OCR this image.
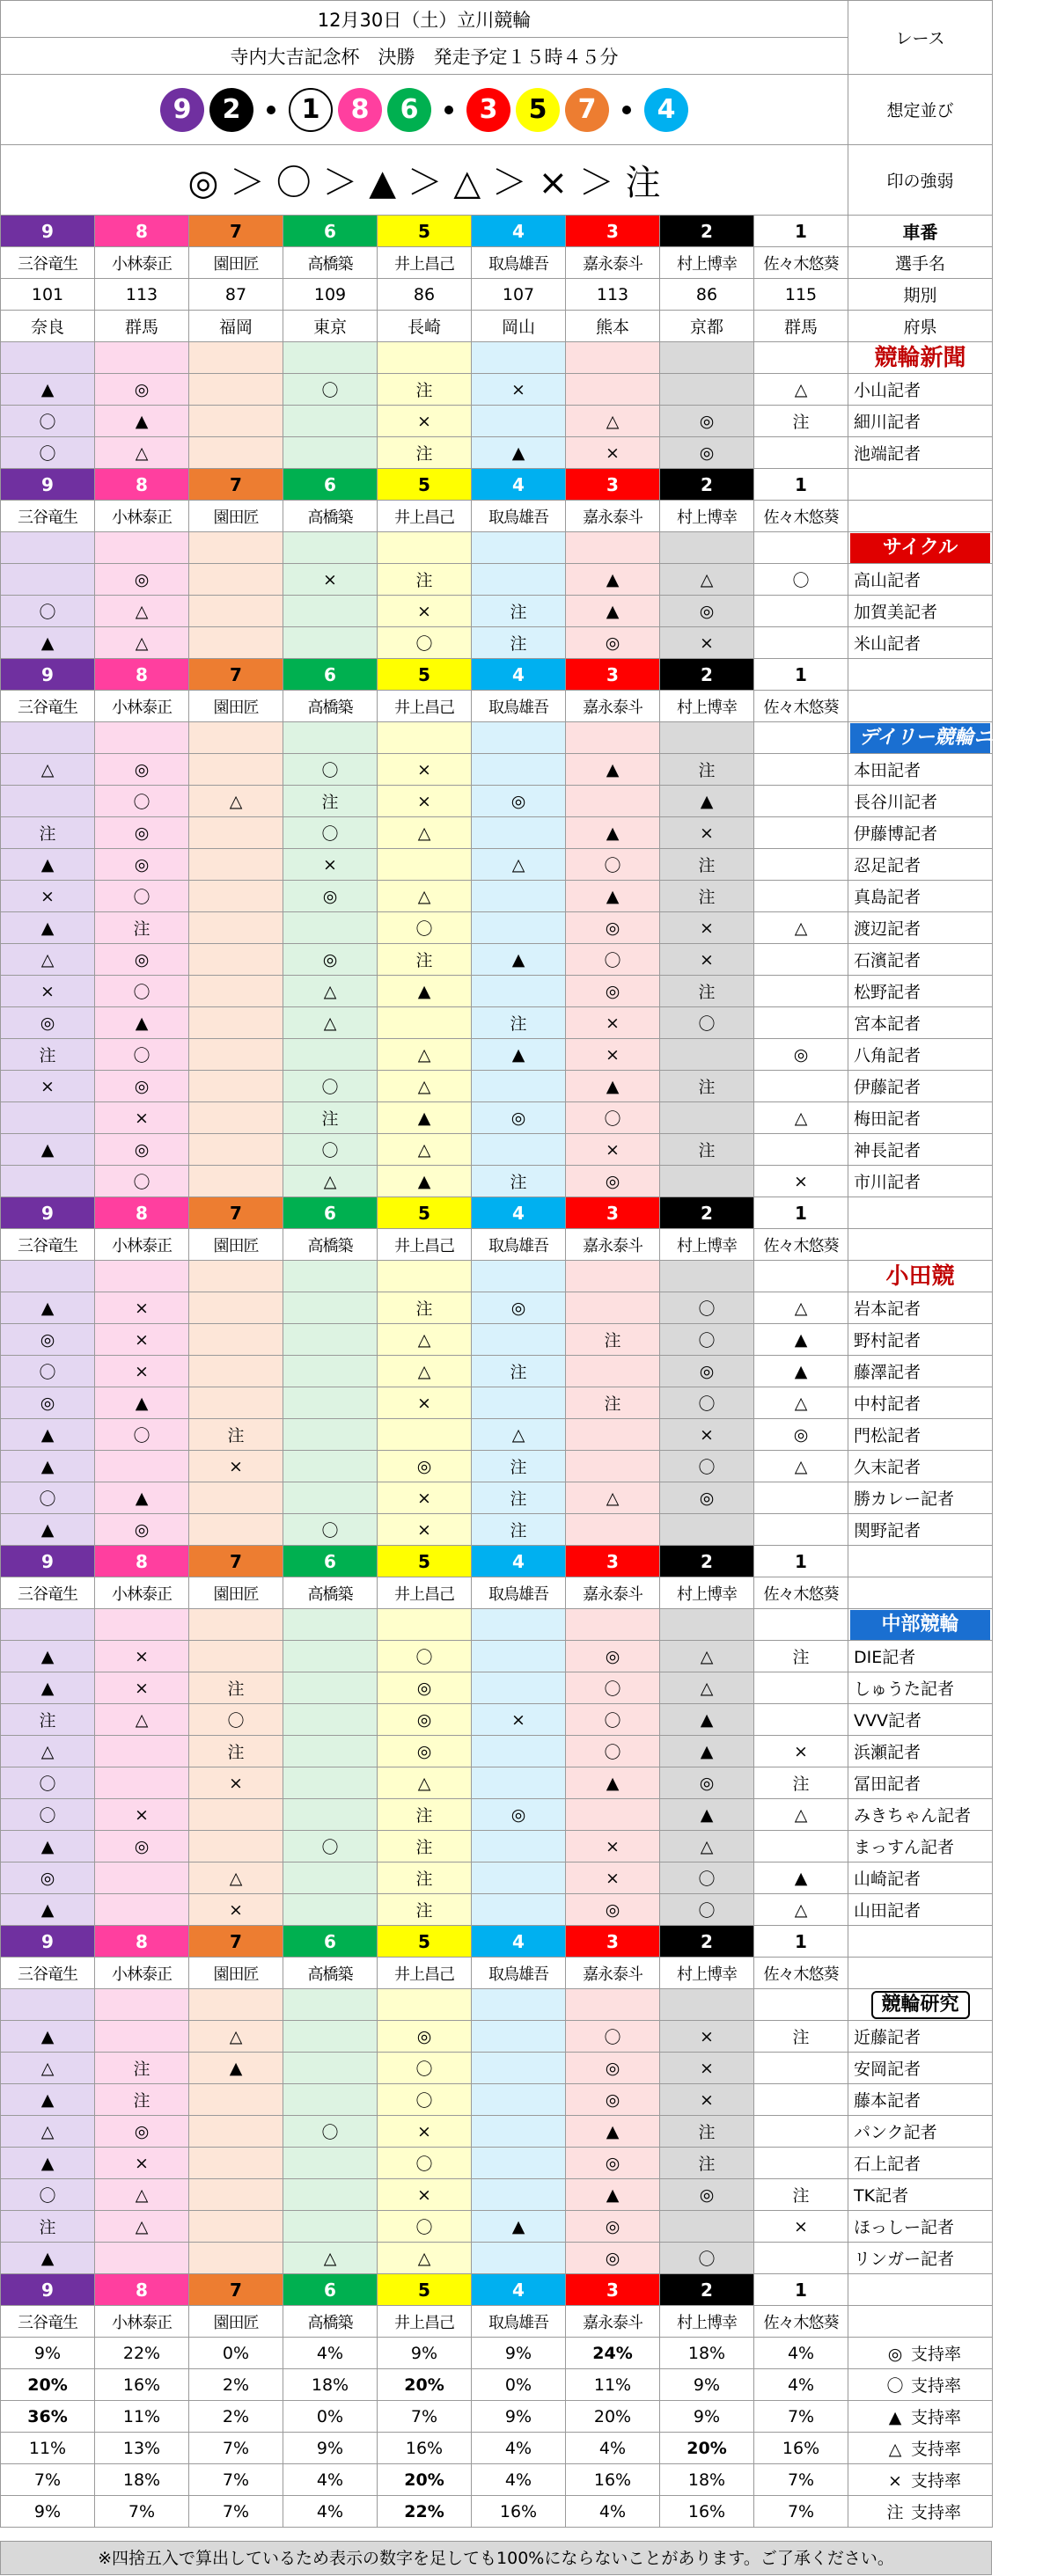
12月30日（土）立川競輪									レース
寺内大吉記念杯　決勝　発走予定１５時４５分									
9 2 1 8 6 3 5 7 4									想定並び
◎ ＞ 〇 ＞ ▲ ＞ △ ＞ × ＞ 注									印の強弱
9	8	7	6	5	4	3	2	1	車番
三谷竜生	小林泰正	園田匠	高橋築	井上昌己	取鳥雄吾	嘉永泰斗	村上博幸	佐々木悠葵	選手名
101	113	87	109	86	107	113	86	115	期別
奈良	群馬	福岡	東京	長崎	岡山	熊本	京都	群馬	府県
									競輪新聞
▲	◎		〇	注	×			△	小山記者
〇	▲			×		△	◎	注	細川記者
〇	△			注	▲	×	◎		池端記者
9	8	7	6	5	4	3	2	1	
三谷竜生	小林泰正	園田匠	高橋築	井上昌己	取鳥雄吾	嘉永泰斗	村上博幸	佐々木悠葵	
									サイクル
	◎		×	注		▲	△	〇	高山記者
〇	△			×	注	▲	◎		加賀美記者
▲	△			〇	注	◎	×		米山記者
9	8	7	6	5	4	3	2	1	
三谷竜生	小林泰正	園田匠	高橋築	井上昌己	取鳥雄吾	嘉永泰斗	村上博幸	佐々木悠葵	
									デイリー競輪ニュース
△	◎		〇	×		▲	注		本田記者
	〇	△	注	×	◎		▲		長谷川記者
注	◎		〇	△		▲	×		伊藤博記者
▲	◎		×		△	〇	注		忍足記者
×	〇		◎	△		▲	注		真島記者
▲	注			〇		◎	×	△	渡辺記者
△	◎		◎	注	▲	〇	×		石濱記者
×	〇		△	▲		◎	注		松野記者
◎	▲		△		注	×	〇		宮本記者
注	〇			△	▲	×		◎	八角記者
×	◎		〇	△		▲	注		伊藤記者
	×		注	▲	◎	〇		△	梅田記者
▲	◎		〇	△		×	注		神長記者
	〇		△	▲	注	◎		×	市川記者
9	8	7	6	5	4	3	2	1	
三谷竜生	小林泰正	園田匠	高橋築	井上昌己	取鳥雄吾	嘉永泰斗	村上博幸	佐々木悠葵	
									小田競
▲	×			注	◎		〇	△	岩本記者
◎	×			△		注	〇	▲	野村記者
〇	×			△	注		◎	▲	藤澤記者
◎	▲			×		注	〇	△	中村記者
▲	〇	注			△		×	◎	門松記者
▲		×		◎	注		〇	△	久末記者
〇	▲			×	注	△	◎		勝カレー記者
▲	◎		〇	×	注				関野記者
9	8	7	6	5	4	3	2	1	
三谷竜生	小林泰正	園田匠	高橋築	井上昌己	取鳥雄吾	嘉永泰斗	村上博幸	佐々木悠葵	
									中部競輪
▲	×			〇		◎	△	注	DIE記者
▲	×	注		◎		〇	△		しゅうた記者
注	△	〇		◎	×	〇	▲		VVV記者
△		注		◎		〇	▲	×	浜瀬記者
〇		×		△		▲	◎	注	冨田記者
〇	×			注	◎		▲	△	みきちゃん記者
▲	◎		〇	注		×	△		まっすん記者
◎		△		注		×	〇	▲	山崎記者
▲		×		注		◎	〇	△	山田記者
9	8	7	6	5	4	3	2	1	
三谷竜生	小林泰正	園田匠	高橋築	井上昌己	取鳥雄吾	嘉永泰斗	村上博幸	佐々木悠葵	
									競輪研究
▲		△		◎		〇	×	注	近藤記者
△	注	▲		〇		◎	×		安岡記者
▲	注			〇		◎	×		藤本記者
△	◎		〇	×		▲	注		パンク記者
▲	×			〇		◎	注		石上記者
〇	△			×		▲	◎	注	TK記者
注	△			〇	▲	◎		×	ほっしー記者
▲			△	△		◎	〇		リンガー記者
9	8	7	6	5	4	3	2	1	
三谷竜生	小林泰正	園田匠	高橋築	井上昌己	取鳥雄吾	嘉永泰斗	村上博幸	佐々木悠葵	
9%	22%	0%	4%	9%	9%	24%	18%	4%	◎ 支持率
20%	16%	2%	18%	20%	0%	11%	9%	4%	〇 支持率
36%	11%	2%	0%	7%	9%	20%	9%	7%	▲ 支持率
11%	13%	7%	9%	16%	4%	4%	20%	16%	△ 支持率
7%	18%	7%	4%	20%	4%	16%	18%	7%	× 支持率
9%	7%	7%	4%	22%	16%	4%	16%	7%	注 支持率
※四捨五入で算出しているため表示の数字を足しても100%にならないことがあります。ご了承ください。
